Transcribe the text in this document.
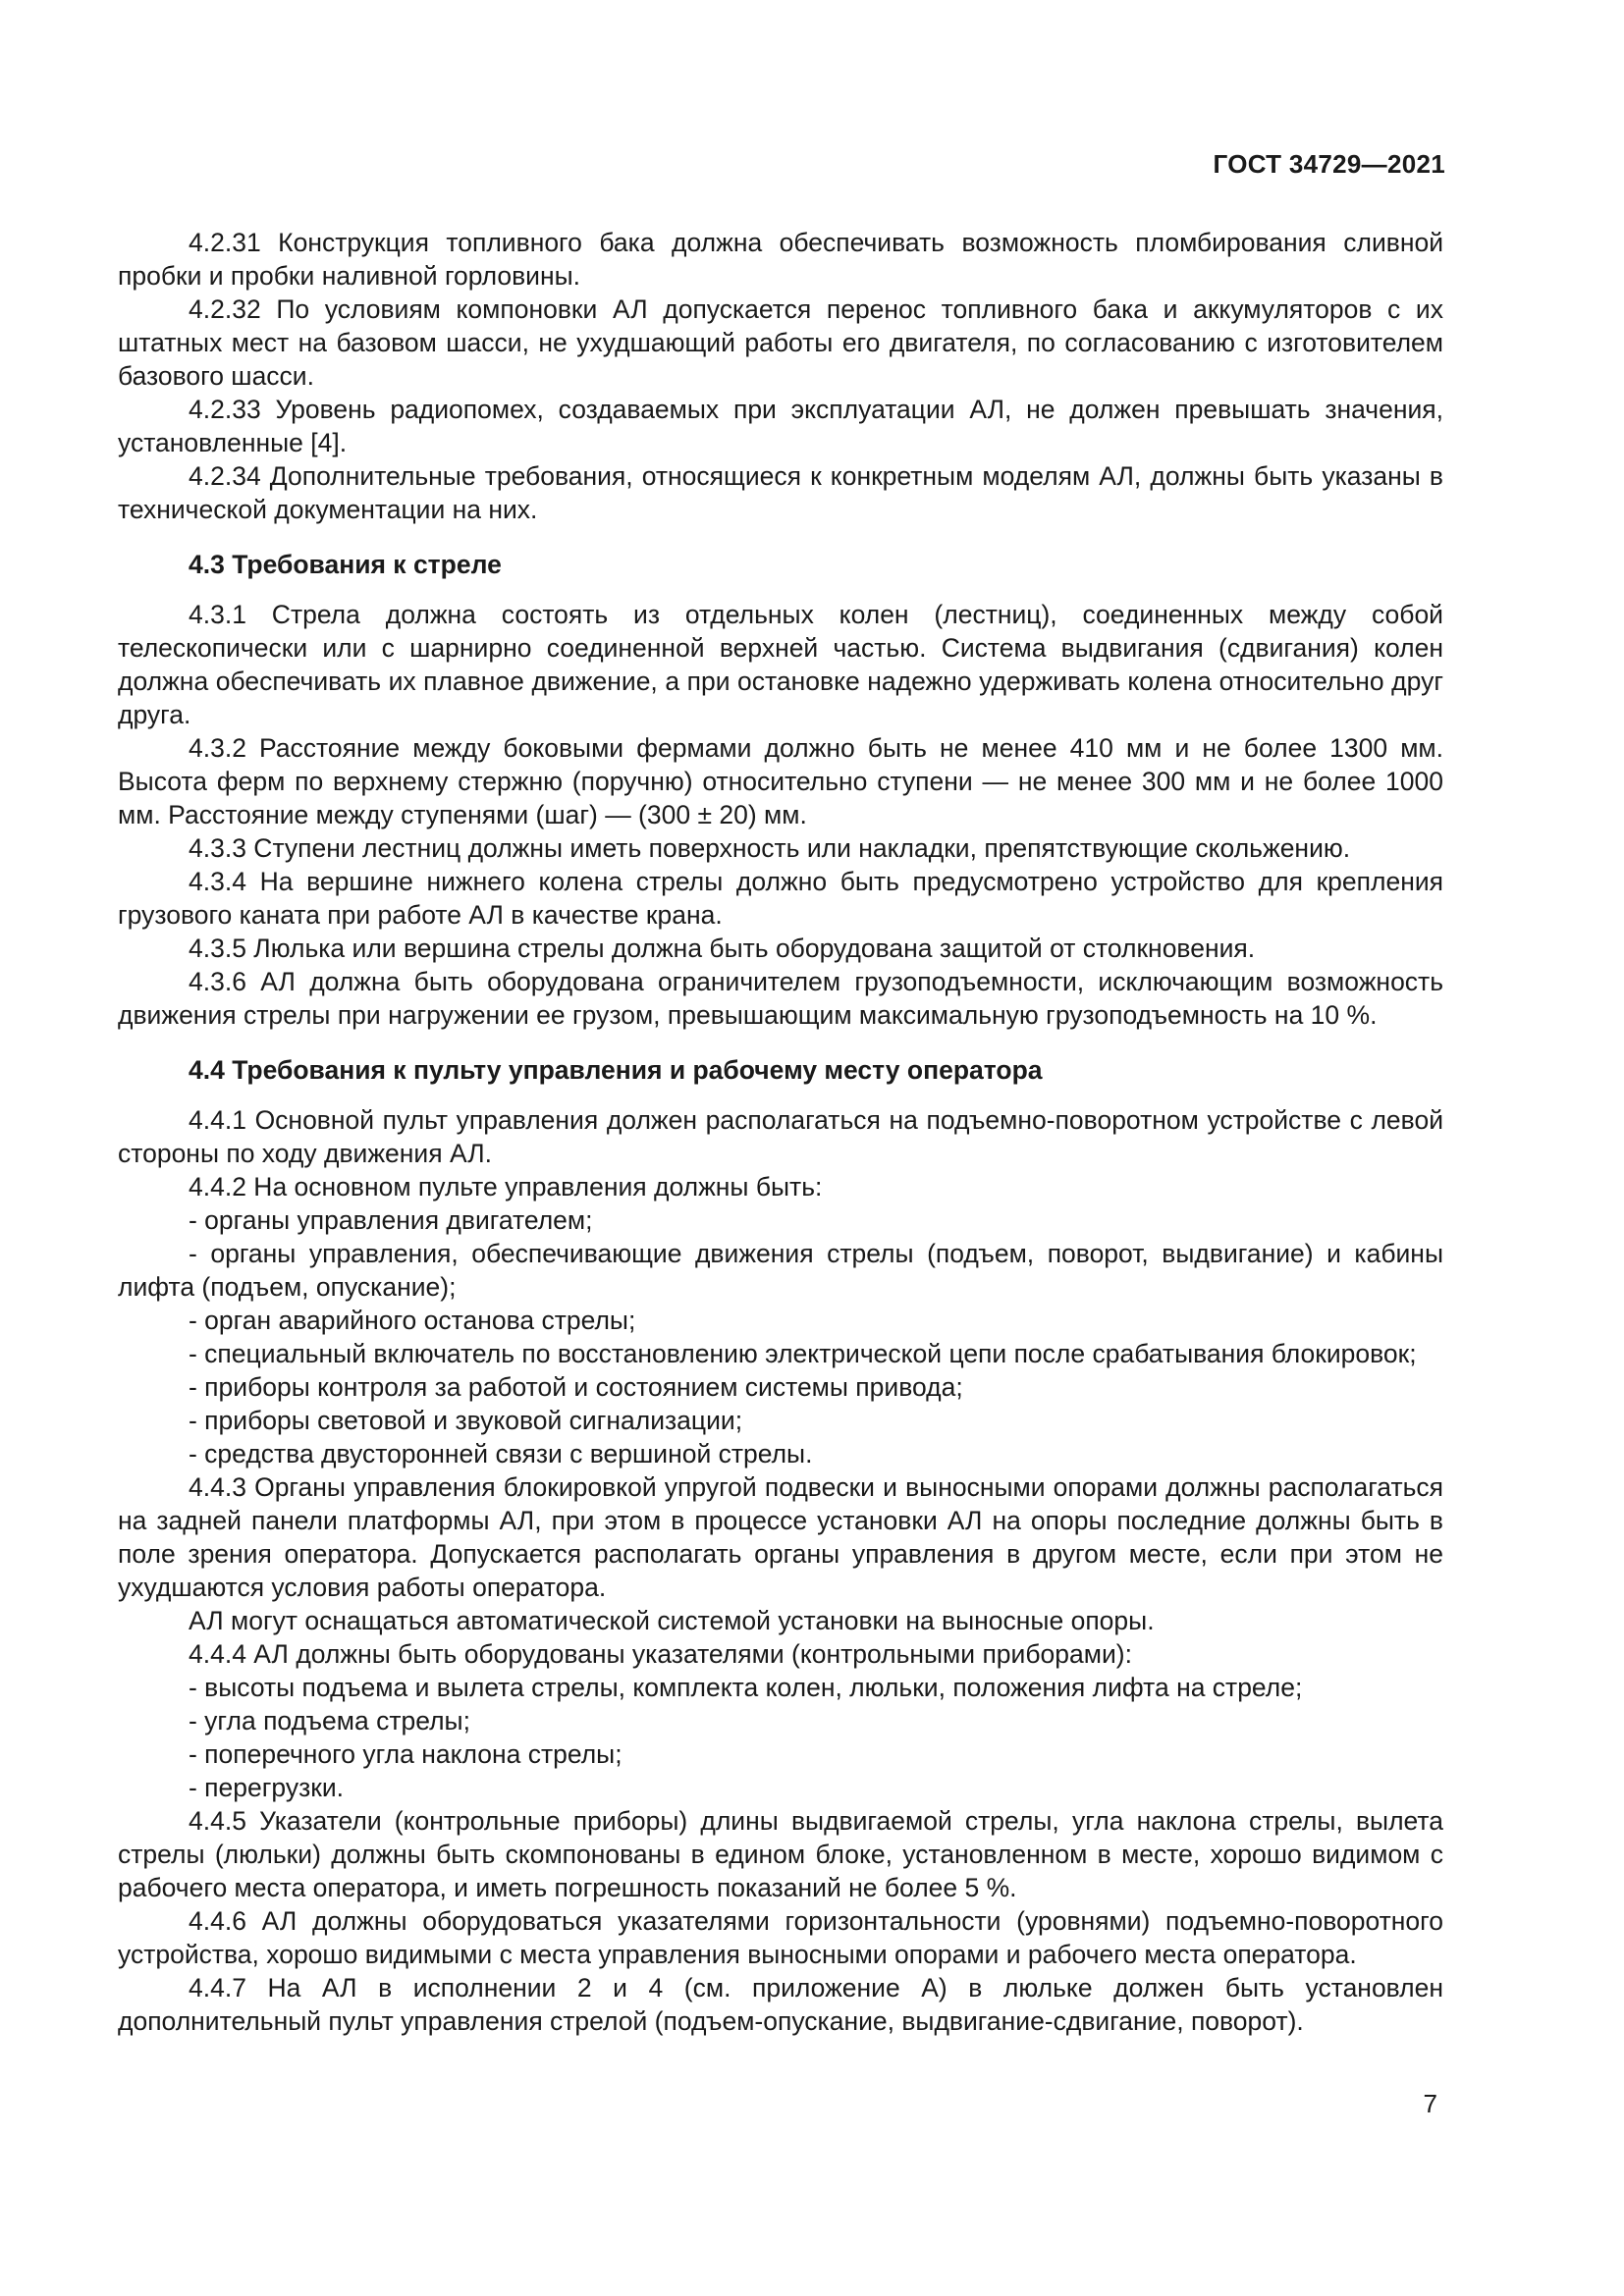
ГОСТ 34729—2021

4.2.31 Конструкция топливного бака должна обеспечивать возможность пломбирования сливной пробки и пробки наливной горловины.

4.2.32 По условиям компоновки АЛ допускается перенос топливного бака и аккумуляторов с их штатных мест на базовом шасси, не ухудшающий работы его двигателя, по согласованию с изготовителем базового шасси.

4.2.33 Уровень радиопомех, создаваемых при эксплуатации АЛ, не должен превышать значения, установленные [4].

4.2.34 Дополнительные требования, относящиеся к конкретным моделям АЛ, должны быть указаны в технической документации на них.

4.3 Требования к стреле

4.3.1 Стрела должна состоять из отдельных колен (лестниц), соединенных между собой телескопически или с шарнирно соединенной верхней частью. Система выдвигания (сдвигания) колен должна обеспечивать их плавное движение, а при остановке надежно удерживать колена относительно друг друга.

4.3.2 Расстояние между боковыми фермами должно быть не менее 410 мм и не более 1300 мм. Высота ферм по верхнему стержню (поручню) относительно ступени — не менее 300 мм и не более 1000 мм. Расстояние между ступенями (шаг) — (300 ± 20) мм.

4.3.3 Ступени лестниц должны иметь поверхность или накладки, препятствующие скольжению.

4.3.4 На вершине нижнего колена стрелы должно быть предусмотрено устройство для крепления грузового каната при работе АЛ в качестве крана.

4.3.5 Люлька или вершина стрелы должна быть оборудована защитой от столкновения.

4.3.6 АЛ должна быть оборудована ограничителем грузоподъемности, исключающим возможность движения стрелы при нагружении ее грузом, превышающим максимальную грузоподъемность на 10 %.

4.4 Требования к пульту управления и рабочему месту оператора

4.4.1 Основной пульт управления должен располагаться на подъемно-поворотном устройстве с левой стороны по ходу движения АЛ.

4.4.2 На основном пульте управления должны быть:

- органы управления двигателем;

- органы управления, обеспечивающие движения стрелы (подъем, поворот, выдвигание) и кабины лифта (подъем, опускание);

- орган аварийного останова стрелы;

- специальный включатель по восстановлению электрической цепи после срабатывания блокировок;

- приборы контроля за работой и состоянием системы привода;

- приборы световой и звуковой сигнализации;

- средства двусторонней связи с вершиной стрелы.

4.4.3 Органы управления блокировкой упругой подвески и выносными опорами должны располагаться на задней панели платформы АЛ, при этом в процессе установки АЛ на опоры последние должны быть в поле зрения оператора. Допускается располагать органы управления в другом месте, если при этом не ухудшаются условия работы оператора.

АЛ могут оснащаться автоматической системой установки на выносные опоры.

4.4.4 АЛ должны быть оборудованы указателями (контрольными приборами):

- высоты подъема и вылета стрелы, комплекта колен, люльки, положения лифта на стреле;

- угла подъема стрелы;

- поперечного угла наклона стрелы;

- перегрузки.

4.4.5 Указатели (контрольные приборы) длины выдвигаемой стрелы, угла наклона стрелы, вылета стрелы (люльки) должны быть скомпонованы в едином блоке, установленном в месте, хорошо видимом с рабочего места оператора, и иметь погрешность показаний не более 5 %.

4.4.6 АЛ должны оборудоваться указателями горизонтальности (уровнями) подъемно-поворотного устройства, хорошо видимыми с места управления выносными опорами и рабочего места оператора.

4.4.7 На АЛ в исполнении 2 и 4 (см. приложение А) в люльке должен быть установлен дополнительный пульт управления стрелой (подъем-опускание, выдвигание-сдвигание, поворот).

7
